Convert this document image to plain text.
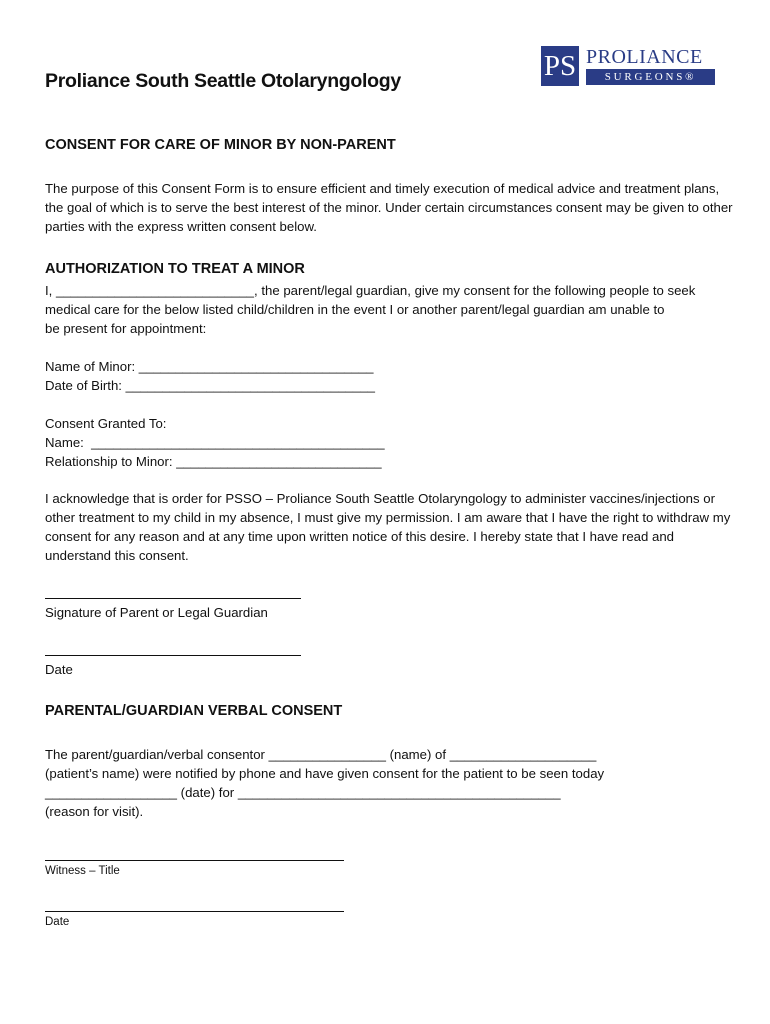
Proliance South Seattle Otolaryngology	PS PROLIANCE
SURGEONS®
CONSENT FOR CARE OF MINOR BY NON-PARENT
The purpose of this Consent Form is to ensure efficient and timely execution of medical advice and treatment plans, the goal of which is to serve the best interest of the minor. Under certain circumstances consent may be given to other parties with the express written consent below.
AUTHORIZATION TO TREAT A MINOR
I, ___________________________, the parent/legal guardian, give my consent for the following people to seek
medical care for the below listed child/children in the event I or another parent/legal guardian am unable to
be present for appointment:
Name of Minor: ________________________________
Date of Birth: __________________________________
Consent Granted To:
Name:  ________________________________________
Relationship to Minor: ____________________________
I acknowledge that is order for PSSO – Proliance South Seattle Otolaryngology to administer vaccines/injections or other treatment to my child in my absence, I must give my permission. I am aware that I have the right to withdraw my consent for any reason and at any time upon written notice of this desire. I hereby state that I have read and understand this consent.
Signature of Parent or Legal Guardian
Date
PARENTAL/GUARDIAN VERBAL CONSENT
The parent/guardian/verbal consentor ________________ (name) of ____________________
(patient’s name) were notified by phone and have given consent for the patient to be seen today
__________________ (date) for ____________________________________________
(reason for visit).
Witness – Title
Date
